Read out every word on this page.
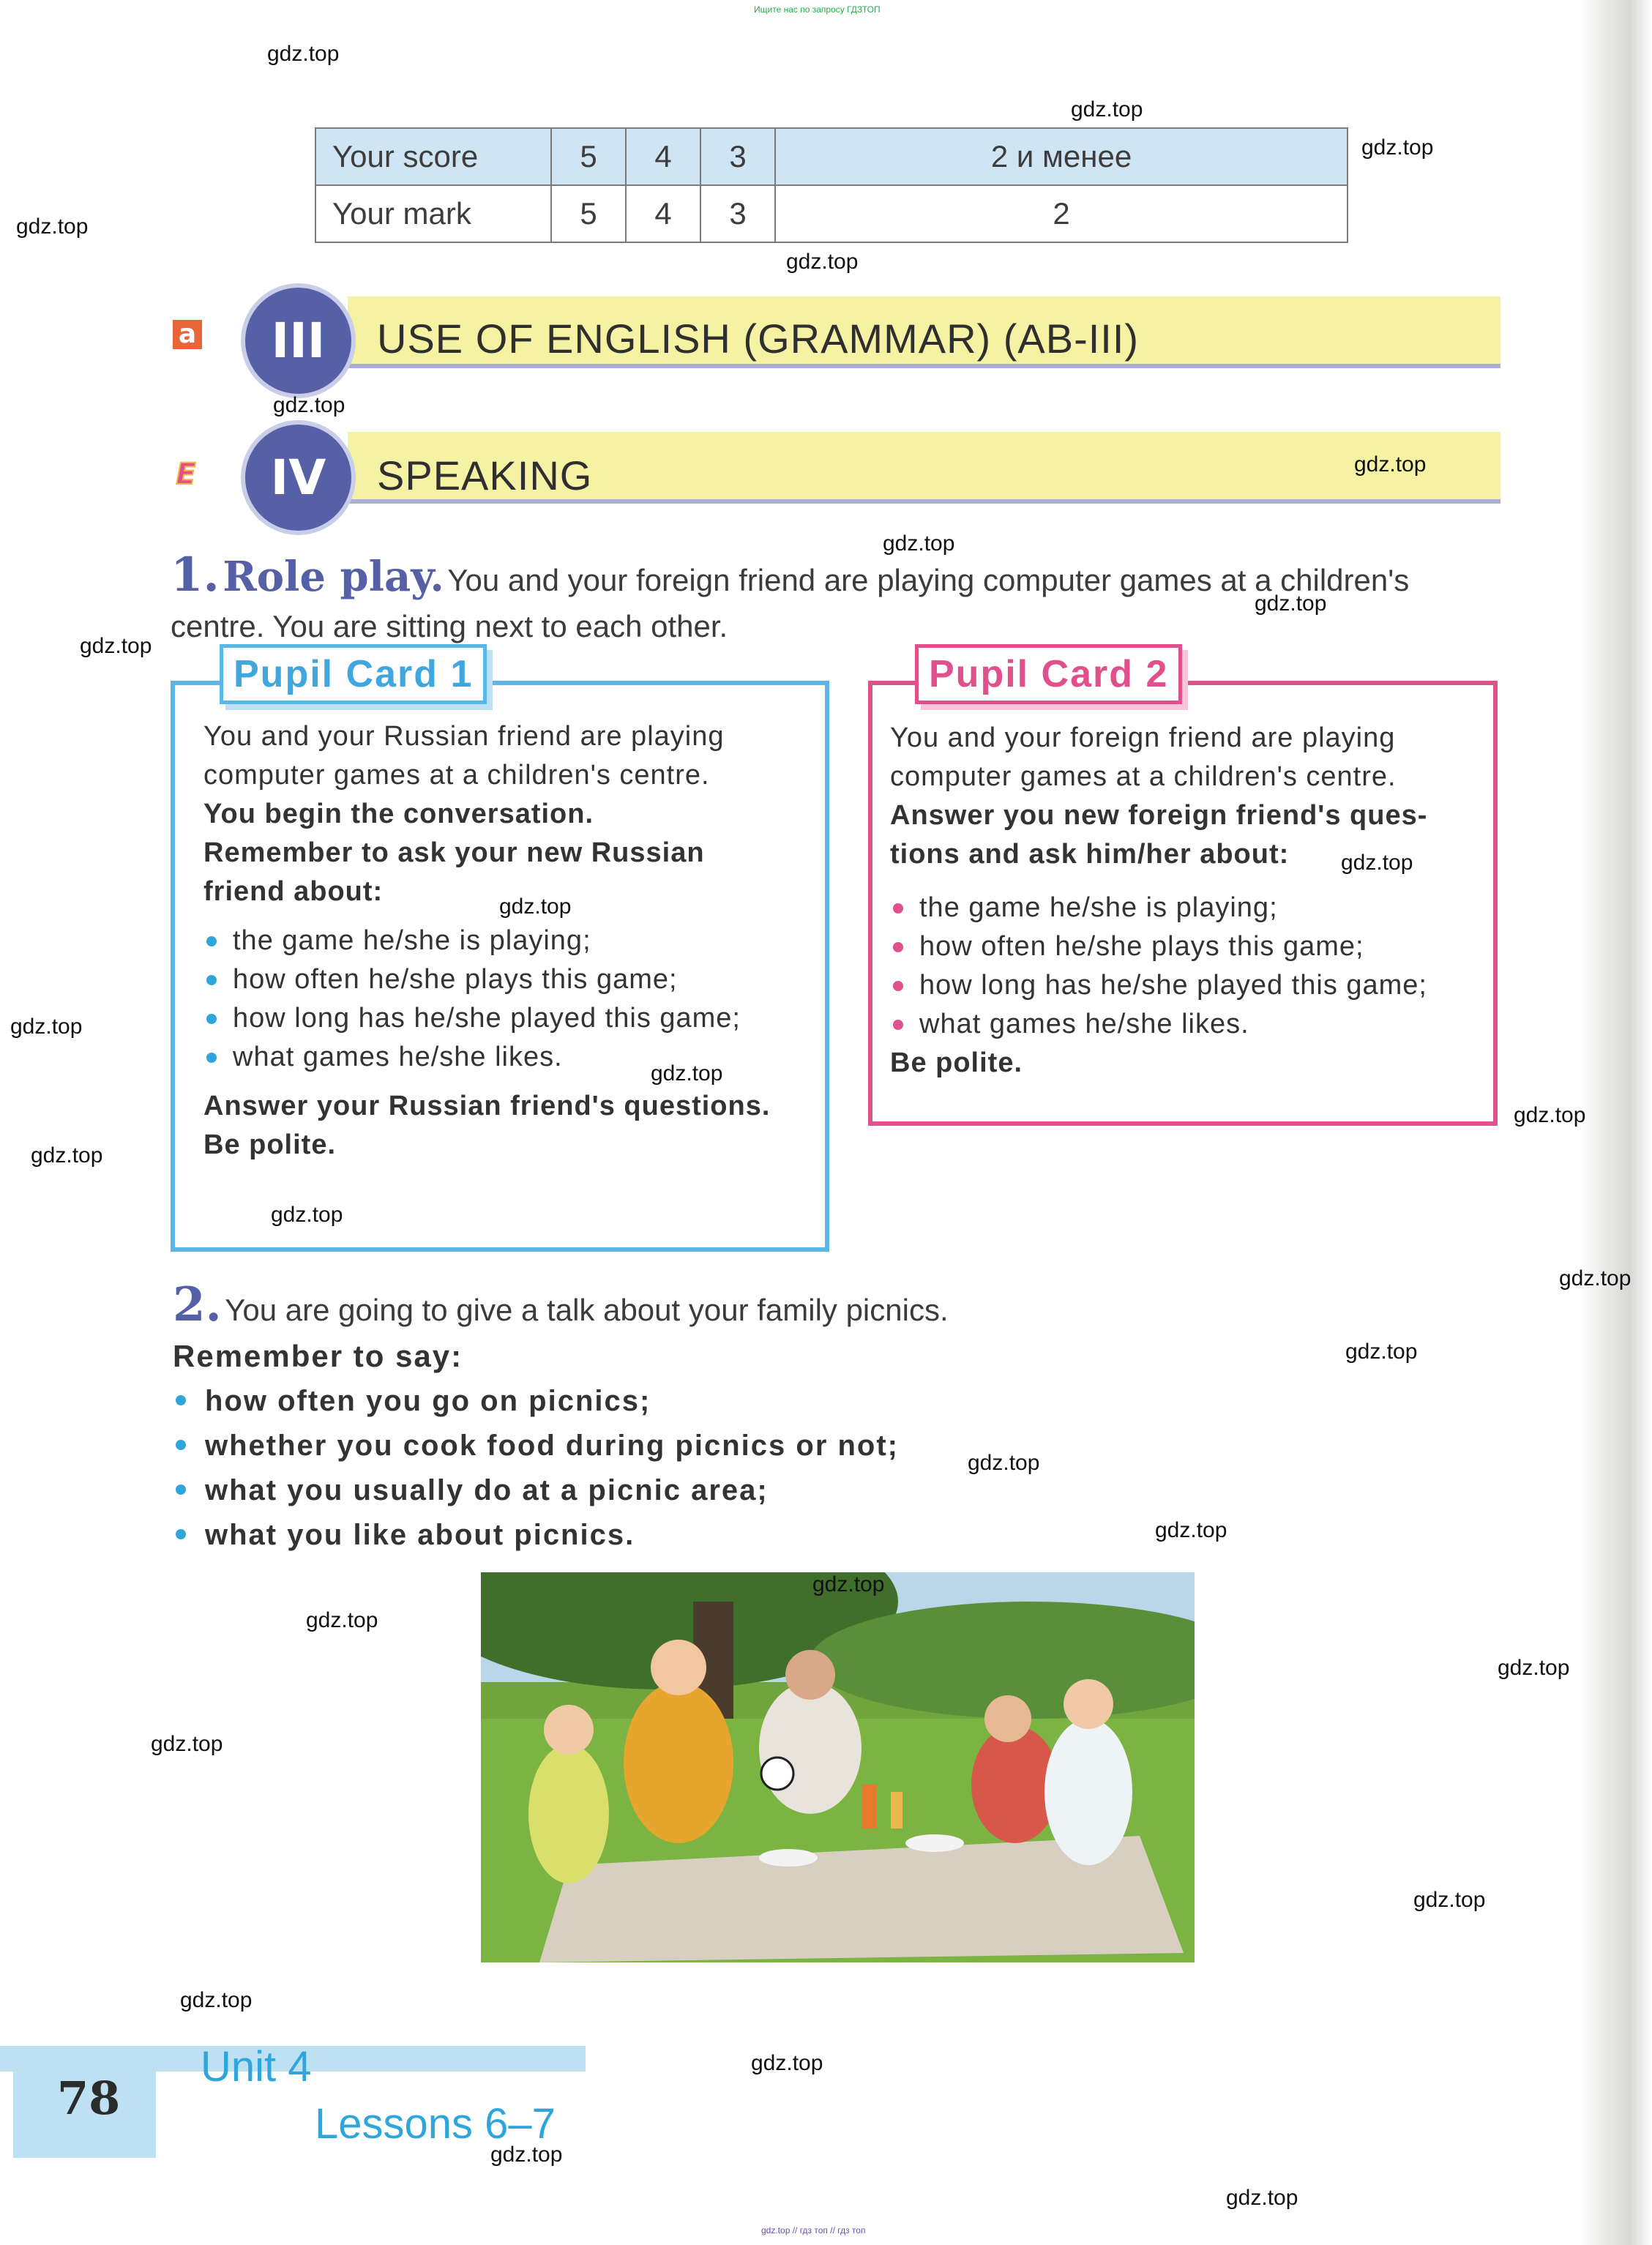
Ищите нас по запросу ГДЗТОП
Your score	5	4	3	2 и менее
Your mark	5	4	3	2
a	III	USE OF ENGLISH (GRAMMAR) (AB-III)
E	IV	SPEAKING
1. Role play. You and your foreign friend are playing computer games at a children's
centre. You are sitting next to each other.
Pupil Card 1
You and your Russian friend are playing
computer games at a children's centre.
You begin the conversation.
Remember to ask your new Russian
friend about:
the game he/she is playing;
how often he/she plays this game;
how long has he/she played this game;
what games he/she likes.
Answer your Russian friend's questions.
Be polite.
Pupil Card 2
You and your foreign friend are playing
computer games at a children's centre.
Answer you new foreign friend's ques-
tions and ask him/her about:
the game he/she is playing;
how often he/she plays this game;
how long has he/she played this game;
what games he/she likes.
Be polite.
2. You are going to give a talk about your family picnics.
Remember to say:
how often you go on picnics;
whether you cook food during picnics or not;
what you usually do at a picnic area;
what you like about picnics.
78
Unit 4
Lessons 6–7
gdz.top // гдз топ // гдз топ
gdz.top
gdz.top
gdz.top
gdz.top
gdz.top
gdz.top
gdz.top
gdz.top
gdz.top
gdz.top
gdz.top
gdz.top
gdz.top
gdz.top
gdz.top
gdz.top
gdz.top
gdz.top
gdz.top
gdz.top
gdz.top
gdz.top
gdz.top
gdz.top
gdz.top
gdz.top
gdz.top
gdz.top
gdz.top
gdz.top
